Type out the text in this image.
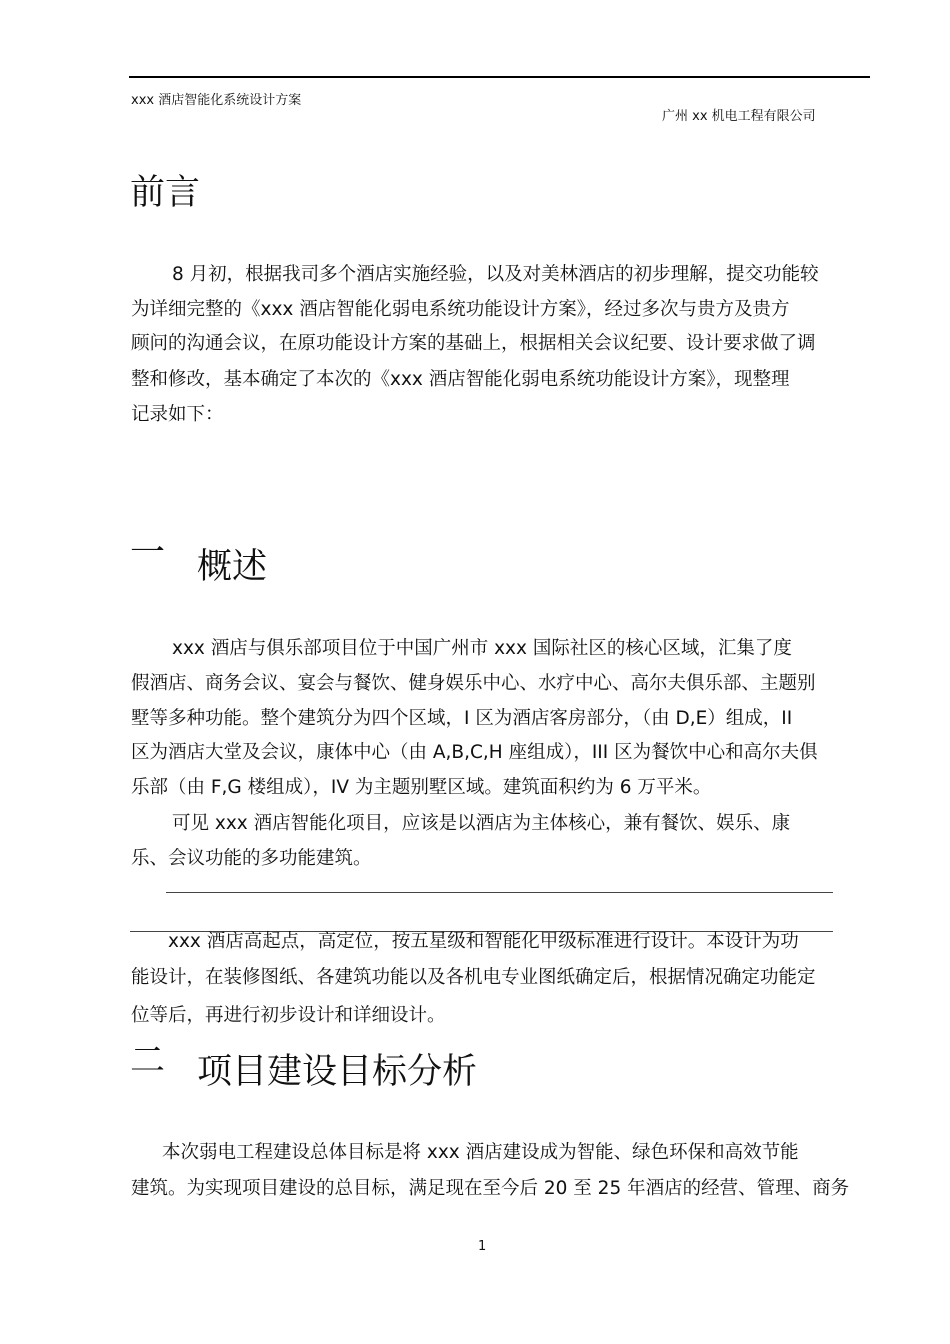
xxx 酒店智能化系统设计方案
广州 xx 机电工程有限公司
前言
8 月初，根据我司多个酒店实施经验，以及对美林酒店的初步理解，提交功能较
为详细完整的《xxx 酒店智能化弱电系统功能设计方案》，经过多次与贵方及贵方
顾问的沟通会议，在原功能设计方案的基础上，根据相关会议纪要、设计要求做了调
整和修改，基本确定了本次的《xxx 酒店智能化弱电系统功能设计方案》，现整理
记录如下：
一 概述
xxx 酒店与俱乐部项目位于中国广州市 xxx 国际社区的核心区域，汇集了度
假酒店、商务会议、宴会与餐饮、健身娱乐中心、水疗中心、高尔夫俱乐部、主题别
墅等多种功能。整个建筑分为四个区域，I 区为酒店客房部分，（由 D,E）组成，II
区为酒店大堂及会议，康体中心（由 A,B,C,H 座组成），III 区为餐饮中心和高尔夫俱
乐部（由 F,G 楼组成），IV 为主题别墅区域。建筑面积约为 6 万平米。
可见 xxx 酒店智能化项目，应该是以酒店为主体核心，兼有餐饮、娱乐、康
乐、会议功能的多功能建筑。
xxx 酒店高起点，高定位，按五星级和智能化甲级标准进行设计。本设计为功
能设计，在装修图纸、各建筑功能以及各机电专业图纸确定后，根据情况确定功能定
位等后，再进行初步设计和详细设计。
二 项目建设目标分析
本次弱电工程建设总体目标是将 xxx 酒店建设成为智能、绿色环保和高效节能
建筑。为实现项目建设的总目标，满足现在至今后 20 至 25 年酒店的经营、管理、商务
1
